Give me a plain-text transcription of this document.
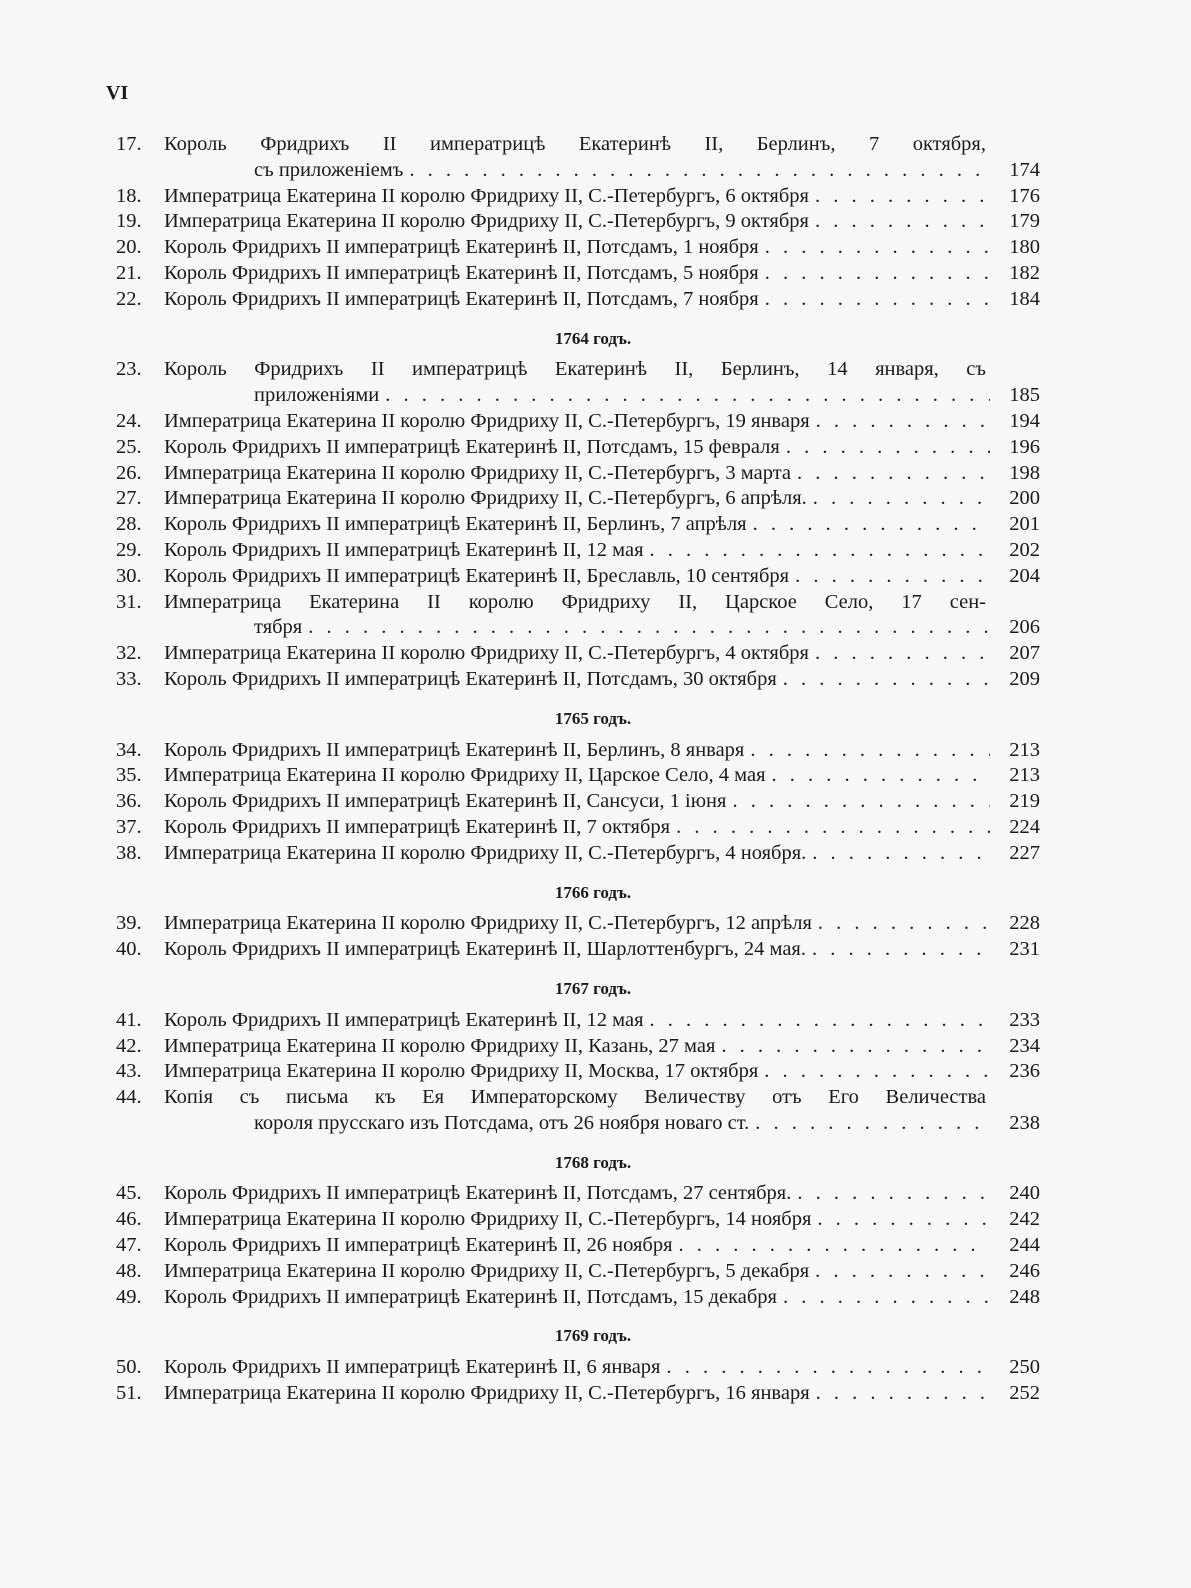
VI
17.	Король Фридрихъ II императрицѣ Екатеринѣ II, Берлинъ, 7 октября,
съ приложеніемъ . . .	174
18.	Императрица Екатерина II королю Фридриху II, С.-Петербургъ, 6 октября . . .	176
19.	Императрица Екатерина II королю Фридриху II, С.-Петербургъ, 9 октября . . .	179
20.	Король Фридрихъ II императрицѣ Екатеринѣ II, Потсдамъ, 1 ноября . . .	180
21.	Король Фридрихъ II императрицѣ Екатеринѣ II, Потсдамъ, 5 ноября . . .	182
22.	Король Фридрихъ II императрицѣ Екатеринѣ II, Потсдамъ, 7 ноября . . .	184
1764 годъ.
23.	Король Фридрихъ II императрицѣ Екатеринѣ II, Берлинъ, 14 января, съ
приложеніями . . .	185
24.	Императрица Екатерина II королю Фридриху II, С.-Петербургъ, 19 января . . .	194
25.	Король Фридрихъ II императрицѣ Екатеринѣ II, Потсдамъ, 15 февраля . . .	196
26.	Императрица Екатерина II королю Фридриху II, С.-Петербургъ, 3 марта . . .	198
27.	Императрица Екатерина II королю Фридриху II, С.-Петербургъ, 6 апрѣля. . . .	200
28.	Король Фридрихъ II императрицѣ Екатеринѣ II, Берлинъ, 7 апрѣля . . .	201
29.	Король Фридрихъ II императрицѣ Екатеринѣ II, 12 мая . . .	202
30.	Король Фридрихъ II императрицѣ Екатеринѣ II, Бреславль, 10 сентября . . .	204
31.	Императрица Екатерина II королю Фридриху II, Царское Село, 17 сен-
тября . . .	206
32.	Императрица Екатерина II королю Фридриху II, С.-Петербургъ, 4 октября . . .	207
33.	Король Фридрихъ II императрицѣ Екатеринѣ II, Потсдамъ, 30 октября . . .	209
1765 годъ.
34.	Король Фридрихъ II императрицѣ Екатеринѣ II, Берлинъ, 8 января . . .	213
35.	Императрица Екатерина II королю Фридриху II, Царское Село, 4 мая . . .	213
36.	Король Фридрихъ II императрицѣ Екатеринѣ II, Сансуси, 1 іюня . . .	219
37.	Король Фридрихъ II императрицѣ Екатеринѣ II, 7 октября . . .	224
38.	Императрица Екатерина II королю Фридриху II, С.-Петербургъ, 4 ноября. . . .	227
1766 годъ.
39.	Императрица Екатерина II королю Фридриху II, С.-Петербургъ, 12 апрѣля . . .	228
40.	Король Фридрихъ II императрицѣ Екатеринѣ II, Шарлоттенбургъ, 24 мая. . . .	231
1767 годъ.
41.	Король Фридрихъ II императрицѣ Екатеринѣ II, 12 мая . . .	233
42.	Императрица Екатерина II королю Фридриху II, Казань, 27 мая . . .	234
43.	Императрица Екатерина II королю Фридриху II, Москва, 17 октября . . .	236
44.	Копія съ письма къ Ея Императорскому Величеству отъ Его Величества
короля прусскаго изъ Потсдама, отъ 26 ноября новаго ст. . . .	238
1768 годъ.
45.	Король Фридрихъ II императрицѣ Екатеринѣ II, Потсдамъ, 27 сентября. . . .	240
46.	Императрица Екатерина II королю Фридриху II, С.-Петербургъ, 14 ноября . . .	242
47.	Король Фридрихъ II императрицѣ Екатеринѣ II, 26 ноября . . .	244
48.	Императрица Екатерина II королю Фридриху II, С.-Петербургъ, 5 декабря . . .	246
49.	Король Фридрихъ II императрицѣ Екатеринѣ II, Потсдамъ, 15 декабря . . .	248
1769 годъ.
50.	Король Фридрихъ II императрицѣ Екатеринѣ II, 6 января . . .	250
51.	Императрица Екатерина II королю Фридриху II, С.-Петербургъ, 16 января . . .	252
